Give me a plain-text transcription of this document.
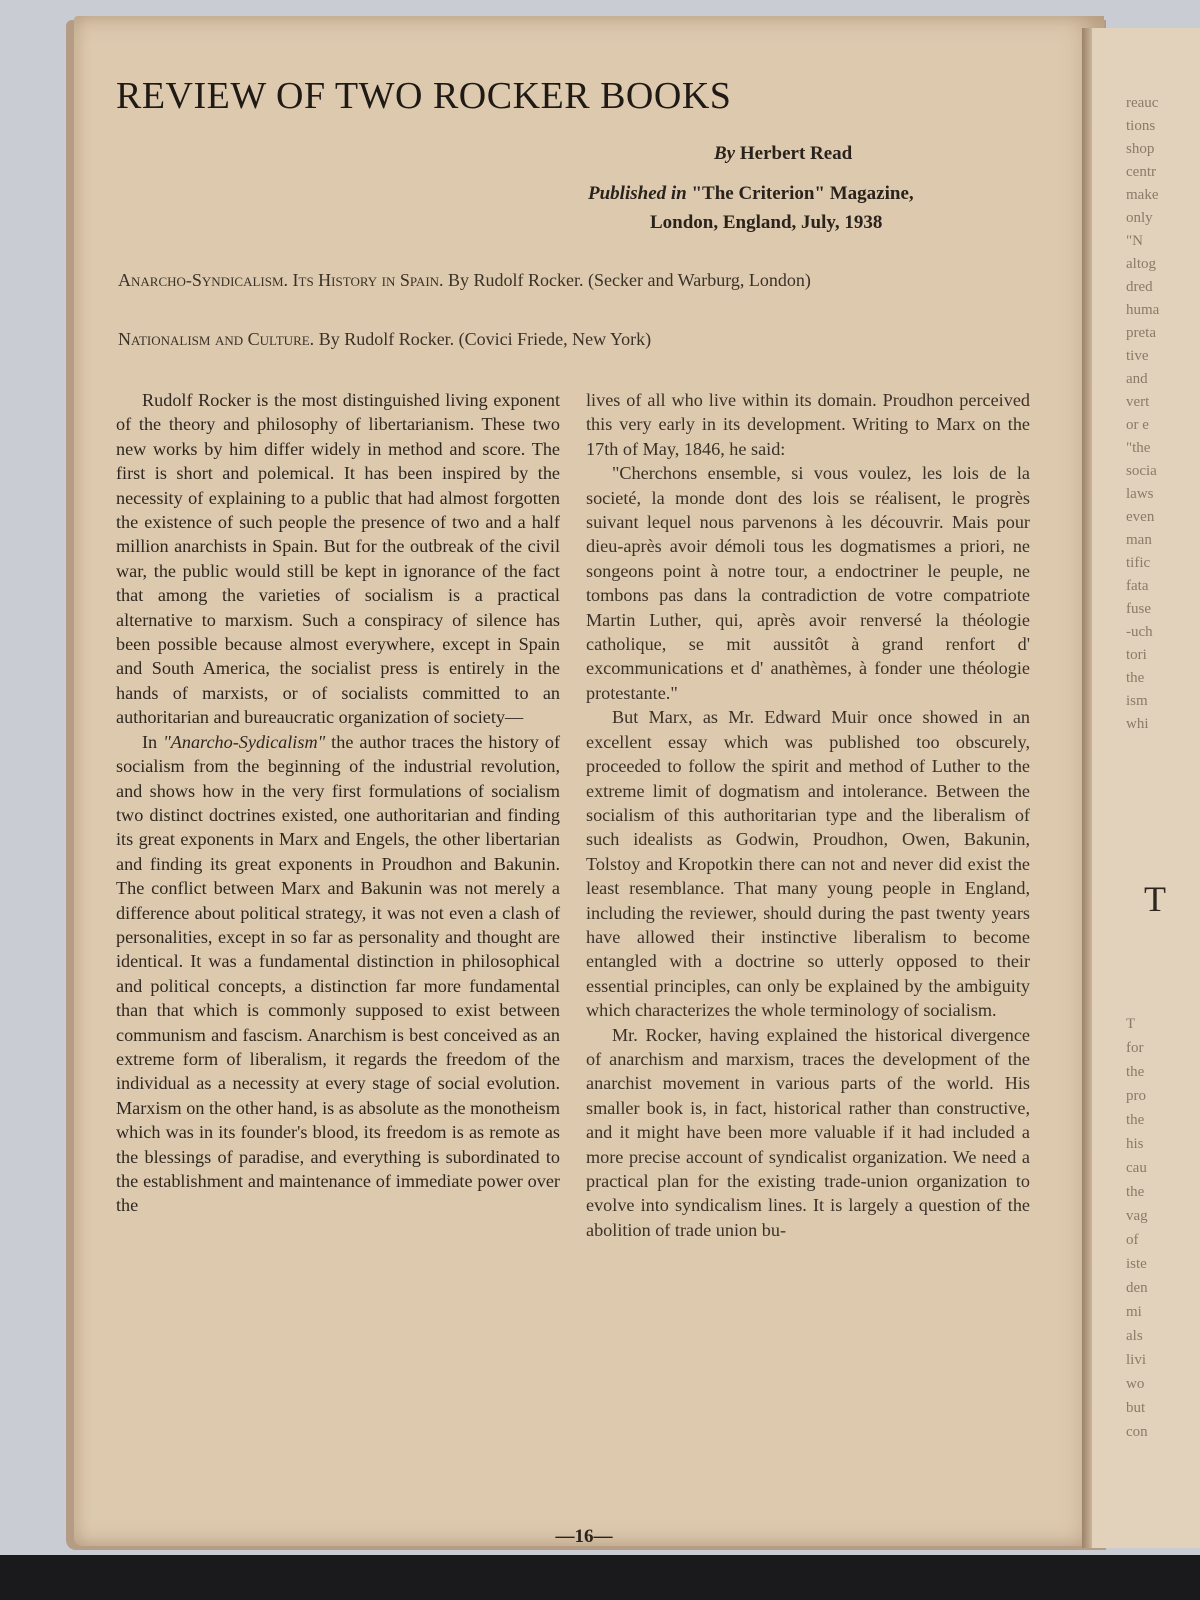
REVIEW OF TWO ROCKER BOOKS
By Herbert Read
Published in "The Criterion" Magazine,
London, England, July, 1938
Anarcho-Syndicalism. Its History in Spain. By Rudolf Rocker. (Secker and Warburg, London)
Nationalism and Culture. By Rudolf Rocker. (Covici Friede, New York)

Rudolf Rocker is the most distinguished living exponent of the theory and philosophy of libertarianism. These two new works by him differ widely in method and score. The first is short and polemical. It has been inspired by the necessity of explaining to a public that had almost forgotten the existence of such people the presence of two and a half million anarchists in Spain. But for the outbreak of the civil war, the public would still be kept in ignorance of the fact that among the varieties of socialism is a practical alternative to marxism. Such a conspiracy of silence has been possible because almost everywhere, except in Spain and South America, the socialist press is entirely in the hands of marxists, or of socialists committed to an authoritarian and bureaucratic organization of society—

In "Anarcho-Sydicalism" the author traces the history of socialism from the beginning of the industrial revolution, and shows how in the very first formulations of socialism two distinct doctrines existed, one authoritarian and finding its great exponents in Marx and Engels, the other libertarian and finding its great exponents in Proudhon and Bakunin. The conflict between Marx and Bakunin was not merely a difference about political strategy, it was not even a clash of personalities, except in so far as personality and thought are identical. It was a fundamental distinction in philosophical and political concepts, a distinction far more fundamental than that which is commonly supposed to exist between communism and fascism. Anarchism is best conceived as an extreme form of liberalism, it regards the freedom of the individual as a necessity at every stage of social evolution. Marxism on the other hand, is as absolute as the monotheism which was in its founder's blood, its freedom is as remote as the blessings of paradise, and everything is subordinated to the establishment and maintenance of immediate power over the

lives of all who live within its domain. Proudhon perceived this very early in its development. Writing to Marx on the 17th of May, 1846, he said:

"Cherchons ensemble, si vous voulez, les lois de la societé, la monde dont des lois se réalisent, le progrès suivant lequel nous parvenons à les découvrir. Mais pour dieu-après avoir démoli tous les dogmatismes a priori, ne songeons point à notre tour, a endoctriner le peuple, ne tombons pas dans la contradiction de votre compatriote Martin Luther, qui, après avoir renversé la théologie catholique, se mit aussitôt à grand renfort d' excommunications et d' anathèmes, à fonder une théologie protestante."

But Marx, as Mr. Edward Muir once showed in an excellent essay which was published too obscurely, proceeded to follow the spirit and method of Luther to the extreme limit of dogmatism and intolerance. Between the socialism of this authoritarian type and the liberalism of such idealists as Godwin, Proudhon, Owen, Bakunin, Tolstoy and Kropotkin there can not and never did exist the least resemblance. That many young people in England, including the reviewer, should during the past twenty years have allowed their instinctive liberalism to become entangled with a doctrine so utterly opposed to their essential principles, can only be explained by the ambiguity which characterizes the whole terminology of socialism.

Mr. Rocker, having explained the historical divergence of anarchism and marxism, traces the development of the anarchist movement in various parts of the world. His smaller book is, in fact, historical rather than constructive, and it might have been more valuable if it had included a more precise account of syndicalist organization. We need a practical plan for the existing trade-union organization to evolve into syndicalism lines. It is largely a question of the abolition of trade union bu-

—16—
reauc
tions
shop
centr
make
only
"N
altog
dred
huma
preta
tive
and
vert
or e
"the
socia
laws
even
man
tific
fata
fuse
-uch
tori
the
ism
whi
T
T
for
the
pro
the
his
cau
the
vag
of
iste
den
mi
als
livi
wo
but
con
